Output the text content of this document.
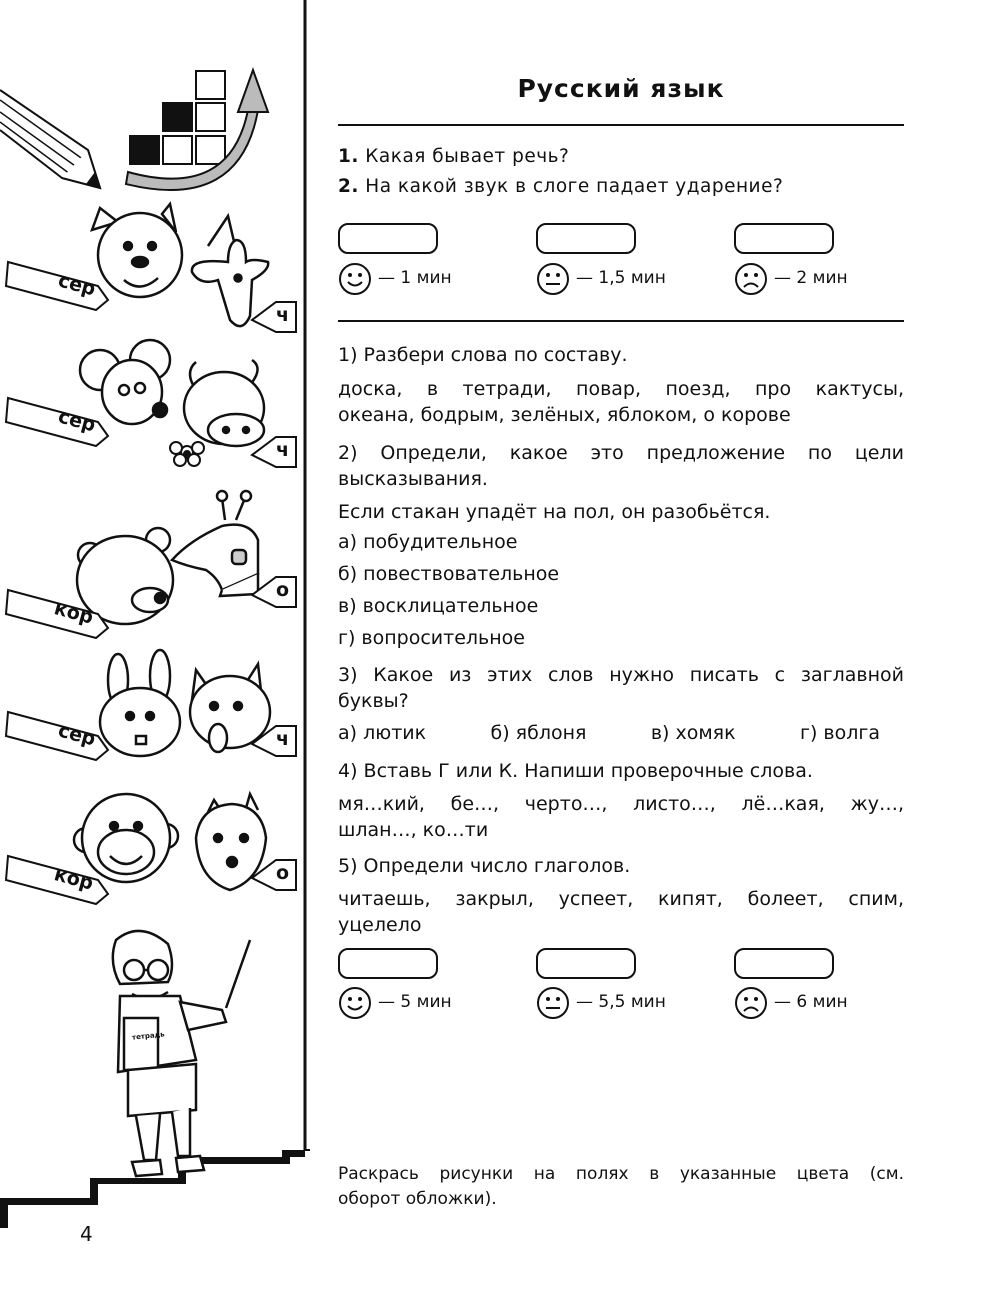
сер
ч
сер
ч
кор
о
сер	ч
кор	о
тетрадь
Русский язык
1. Какая бывает речь?
2. На какой звук в слоге падает ударение?
— 1 мин	— 1,5 мин	— 2 мин
1) Разбери слова по составу.
доска, в тетради, повар, поезд, про кактусы,
океана, бодрым, зелёных, яблоком, о корове
2) Определи, какое это предложение по цели
высказывания.
Если стакан упадёт на пол, он разобьётся.
а) побудительное
б) повествовательное
в) восклицательное
г) вопросительное
3) Какое из этих слов нужно писать с заглавной
буквы?
а) лютик	б) яблоня	в) хомяк	г) волга
4) Вставь Г или К. Напиши проверочные слова.
мя…кий, бе…, черто…, листо…, лё…кая, жу…,
шлан…, ко…ти
5) Определи число глаголов.
читаешь, закрыл, успеет, кипят, болеет, спим,
уцелело
— 5 мин	— 5,5 мин	— 6 мин
Раскрась рисунки на полях в указанные цвета (см.
оборот обложки).
4
